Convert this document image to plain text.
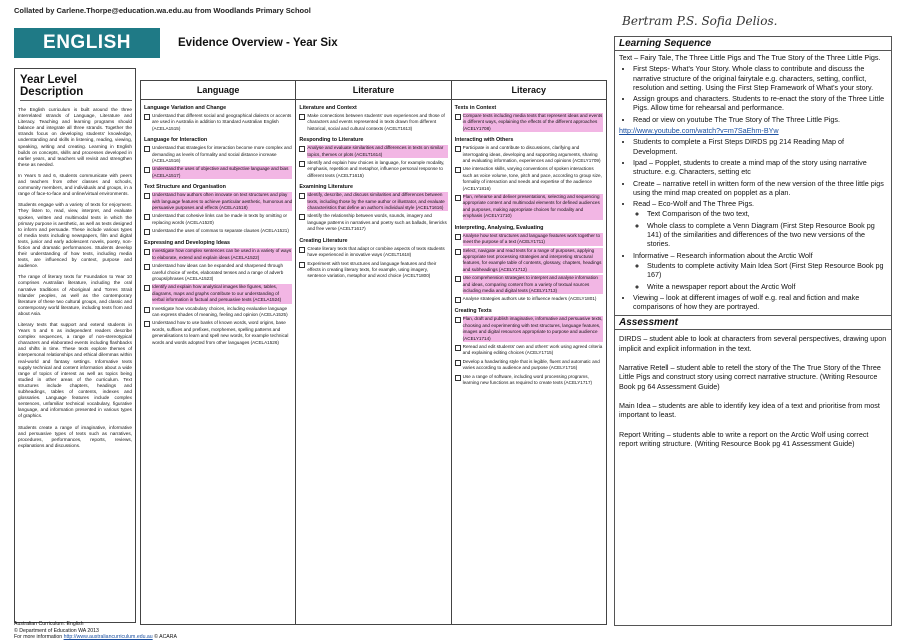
Collated by Carlene.Thorpe@education.wa.edu.au from Woodlands Primary School
ENGLISH	Evidence Overview - Year Six
Bertram P.S. Sofia Delios.
Year Level Description

The English curriculum is built around the three interrelated strands of Language, Literature and Literacy. Teaching and learning programs should balance and integrate all three strands. Together the strands focus on developing students' knowledge, understanding and skills in listening, reading, viewing, speaking, writing and creating. Learning in English builds on concepts, skills and processes developed in earlier years, and teachers will revisit and strengthen these as needed.

In Years 5 and 6, students communicate with peers and teachers from other classes and schools, community members, and individuals and groups, in a range of face-to-face and online/virtual environments.

Students engage with a variety of texts for enjoyment. They listen to, read, view, interpret, and evaluate spoken, written and multimodal texts in which the primary purpose is aesthetic, as well as texts designed to inform and persuade. These include various types of media texts including newspapers, film and digital texts, junior and early adolescent novels, poetry, non-fiction and dramatic performances. Students develop their understanding of how texts, including media texts, are influenced by context, purpose and audience.

The range of literary texts for Foundation to Year 10 comprises Australian literature, including the oral narrative traditions of Aboriginal and Torres Strait Islander peoples, as well as the contemporary literature of these two cultural groups, and classic and contemporary world literature, including texts from and about Asia.

Literary texts that support and extend students in Years 5 and 6 as independent readers describe complex sequences, a range of non-stereotypical characters and elaborated events including flashbacks and shifts in time. These texts explore themes of interpersonal relationships and ethical dilemmas within real-world and fantasy settings. Informative texts supply technical and content information about a wide range of topics of interest as well as topics being studied in other areas of the curriculum. Text structures include chapters, headings and subheadings, tables of contents, indexes and glossaries. Language features include complex sentences, unfamiliar technical vocabulary, figurative language, and information presented in various types of graphics.

Students create a range of imaginative, informative and persuasive types of texts such as narratives, procedures, performances, reports, reviews, explanations and discussions.

Australian Curriculum: English
© Department of Education WA 2013
For more information http://www.australiancurriculum.edu.au © ACARA
Language
Language Variation and Change
Understand that different social and geographical dialects or accents are used in Australia in addition to Standard Australian English (ACELA1515)
Language for Interaction
Understand that strategies for interaction become more complex and demanding as levels of formality and social distance increase (ACELA1516)
Understand the uses of objective and subjective language and bias (ACELA1517)
Text Structure and Organisation
Understand how authors often innovate on text structures and play with language features to achieve particular aesthetic, humorous and persuasive purposes and effects (ACELA1518)
Understand that cohesive links can be made in texts by omitting or replacing words (ACELA1520)
Understand the uses of commas to separate clauses (ACELA1521)
Expressing and Developing Ideas
Investigate how complex sentences can be used in a variety of ways to elaborate, extend and explain ideas (ACELA1522)
Understand how ideas can be expanded and sharpened through careful choice of verbs, elaborated tenses and a range of adverb groups/phrases (ACELA1523)
Identify and explain how analytical images like figures, tables, diagrams, maps and graphs contribute to our understanding of verbal information in factual and persuasive texts (ACELA1524)
Investigate how vocabulary choices, including evaluative language can express shades of meaning, feeling and opinion (ACELA1525)
Understand how to use banks of known words, word origins, base words, suffixes and prefixes, morphemes, spelling patterns and generalisations to learn and spell new words, for example technical words and words adopted from other languages (ACELA1526)
Literature
Literature and Context
Make connections between students' own experiences and those of characters and events represented in texts drawn from different historical, social and cultural contexts (ACELT1613)
Responding to Literature
Analyse and evaluate similarities and differences in texts on similar topics, themes or plots (ACELT1614)
Identify and explain how choices in language, for example modality, emphasis, repetition and metaphor, influence personal response to different texts (ACELT1615)
Examining Literature
Identify, describe, and discuss similarities and differences between texts, including those by the same author or illustrator, and evaluate characteristics that define an author's individual style (ACELT1616)
Identify the relationship between words, sounds, imagery and language patterns in narratives and poetry such as ballads, limericks and free verse (ACELT1617)
Creating Literature
Create literary texts that adapt or combine aspects of texts students have experienced in innovative ways (ACELT1618)
Experiment with text structures and language features and their effects in creating literary texts, for example, using imagery, sentence variation, metaphor and word choice (ACELT1800)
Literacy
Texts in Context
Compare texts including media texts that represent ideas and events in different ways, explaining the effects of the different approaches (ACELY1708)
Interacting with Others
Participate in and contribute to discussions, clarifying and interrogating ideas, developing and supporting arguments, sharing and evaluating information, experiences and opinions (ACELY1709)
Use interaction skills, varying conventions of spoken interactions such as voice volume, tone, pitch and pace, according to group size, formality of interaction and needs and expertise of the audience (ACELY1816)
Plan, rehearse and deliver presentations, selecting and sequencing appropriate content and multimodal elements for defined audiences and purposes, making appropriate choices for modality and emphasis (ACELY1710)
Interpreting, Analysing, Evaluating
Analyse how text structures and language features work together to meet the purpose of a text (ACELY1711)
Select, navigate and read texts for a range of purposes, applying appropriate text processing strategies and interpreting structural features, for example table of contents, glossary, chapters, headings and subheadings (ACELY1712)
Use comprehension strategies to interpret and analyse information and ideas, comparing content from a variety of textual sources including media and digital texts (ACELY1713)
Analyse strategies authors use to influence readers (ACELY1801)
Creating Texts
Plan, draft and publish imaginative, informative and persuasive texts, choosing and experimenting with text structures, language features, images and digital resources appropriate to purpose and audience (ACELY1714)
Reread and edit students' own and others' work using agreed criteria and explaining editing choices (ACELY1715)
Develop a handwriting style that is legible, fluent and automatic and varies according to audience and purpose (ACELY1716)
Use a range of software, including word processing programs, learning new functions as required to create texts (ACELY1717)
Learning Sequence
Text – Fairy Tale, The Three Little Pigs and The True Story of the Three Little Pigs.
• First Steps- What's Your Story. Whole class to contribute and discuss the narrative structure of the original fairytale e.g. characters, setting, conflict, resolution and setting. Using the First Step Framework of What's your story.
• Assign groups and characters. Students to re-enact the story of the Three Little Pigs. Allow time for rehearsal and performance.
• Read or view on youtube The True Story of The Three Little Pigs.
http://www.youtube.com/watch?v=m7SaEhm-BYw
• Students to complete a First Steps DIRDS pg 214 Reading Map of Development.
• Ipad – Popplet, students to create a mind map of the story using narrative structure. e.g. Characters, setting etc
• Create – narrative retell in written form of the new version of the three little pigs using the mind map created on popplet as a plan.
• Read – Eco-Wolf and The Three Pigs.
◦ Text Comparison of the two text,
◦ Whole class to complete a Venn Diagram (First Step Resource Book pg 141) of the similarities and differences of the two new versions of the stories.
• Informative – Research information about the Arctic Wolf
◦ Students to complete activity Main Idea Sort (First Step Resource Book pg 167)
◦ Write a newspaper report about the Arctic Wolf
• Viewing – look at different images of wolf e.g. real and fiction and make comparisons of how they are portrayed.
Assessment

DIRDS – student able to look at characters from several perspectives, drawing upon implicit and explicit information in the text.

Narrative Retell – student able to retell the story of the The True Story of the Three Little Pigs and construct story using correct narrative structure. (Writing Resource Book pg 64 Assessment Guide)

Main Idea – students are able to identify key idea of a text and prioritise from most important to least.

Report Writing – students able to write a report on the Arctic Wolf using correct report writing structure. (Writing Resource Book pg 41 Assessment Guide)
